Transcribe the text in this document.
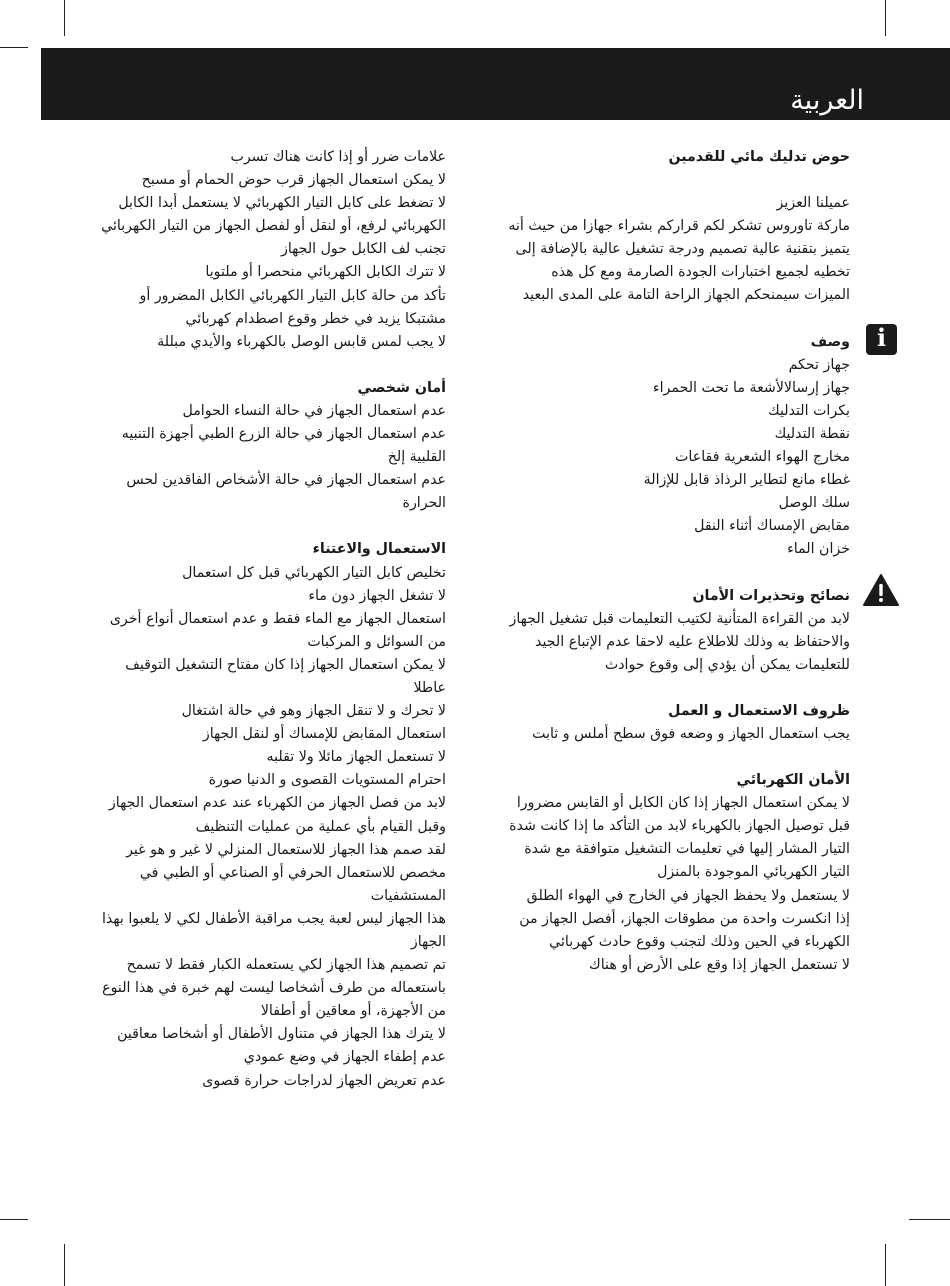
العربية

حوض تدليك مائي للقدمين

عميلنا العزيز

ماركة تاوروس تشكر لكم قراركم بشراء جهازا من حيث أنه يتميز بتقنية عالية تصميم ودرجة تشغيل عالية بالإضافة إلى تخطيه لجميع اختبارات الجودة الصارمة ومع كل هذه الميزات سيمنحكم الجهاز الراحة التامة على المدى البعيد

وصف	i

جهاز تحكم

جهاز إرسالالأشعة ما تحت الحمراء

بكرات التدليك

نقطة التدليك

مخارج الهواء الشعرية فقاعات

غطاء مانع لتطاير الرذاذ قابل للإزالة

سلك الوصل

مقابض الإمساك أثناء النقل

خزان الماء

نصائح وتحذيرات الأمان

لابد من القراءة المتأنية لكتيب التعليمات قبل تشغيل الجهاز والاحتفاظ به وذلك للاطلاع عليه لاحقا عدم الإتباع الجيد للتعليمات يمكن أن يؤدي إلى وقوع حوادث

ظروف الاستعمال و العمل

يجب استعمال الجهاز و وضعه فوق سطح أملس و ثابت

الأمان الكهربائي

لا يمكن استعمال الجهاز إذا كان الكابل أو القابس مضرورا

قبل توصيل الجهاز بالكهرباء لابد من التأكد ما إذا كانت شدة التيار المشار إليها في تعليمات التشغيل متوافقة مع شدة التيار الكهربائي الموجودة بالمنزل

لا يستعمل ولا يحفظ الجهاز في الخارج في الهواء الطلق

إذا انكسرت واحدة من مطوقات الجهاز، أفصل الجهاز من الكهرباء في الحين وذلك لتجنب وقوع حادث كهربائي

لا تستعمل الجهاز إذا وقع على الأرض أو هناك

علامات ضرر أو إذا كانت هناك تسرب

لا يمكن استعمال الجهاز قرب حوض الحمام أو مسبح

لا تضغط على كابل التيار الكهربائي لا يستعمل أبدا الكابل الكهربائي لرفع، أو لنقل أو لفصل الجهاز من التيار الكهربائي

تجنب لف الكابل حول الجهاز

لا تترك الكابل الكهربائي منحصرا أو ملتويا

تأكد من حالة كابل التيار الكهربائي الكابل المضرور أو مشتبكا يزيد في خطر وقوع اصطدام كهربائي

لا يجب لمس قابس الوصل بالكهرباء والأيدي مبللة

أمان شخصي

عدم استعمال الجهاز في حالة النساء الحوامل

عدم استعمال الجهاز في حالة الزرع الطبي أجهزة التنبيه القلبية إلخ

عدم استعمال الجهاز في حالة الأشخاص الفاقدين لحس الحرارة

الاستعمال والاعتناء

تخليص كابل التيار الكهربائي قبل كل استعمال

لا تشغل الجهاز دون ماء

استعمال الجهاز مع الماء فقط و عدم استعمال أنواع أخرى من السوائل و المركبات

لا يمكن استعمال الجهاز إذا كان مفتاح التشغيل التوقيف عاطلا

لا تحرك و لا تنقل الجهاز وهو في حالة اشتغال

استعمال المقابض للإمساك أو لنقل الجهاز

لا تستعمل الجهاز مائلا ولا تقلبه

احترام المستويات القصوى و الدنيا صورة

لابد من فصل الجهاز من الكهرباء عند عدم استعمال الجهاز وقبل القيام بأي عملية من عمليات التنظيف

لقد صمم هذا الجهاز للاستعمال المنزلي لا غير و هو غير مخصص للاستعمال الحرفي أو الصناعي أو الطبي في المستشفيات

هذا الجهاز ليس لعبة يجب مراقبة الأطفال لكي لا يلعبوا بهذا الجهاز

تم تصميم هذا الجهاز لكي يستعمله الكبار فقط لا تسمح باستعماله من طرف أشخاصا ليست لهم خبرة في هذا النوع من الأجهزة، أو معاقين أو أطفالا

لا يترك هذا الجهاز في متناول الأطفال أو أشخاصا معاقين

عدم إطفاء الجهاز في وضع عمودي

عدم تعريض الجهاز لدراجات حرارة قصوى
